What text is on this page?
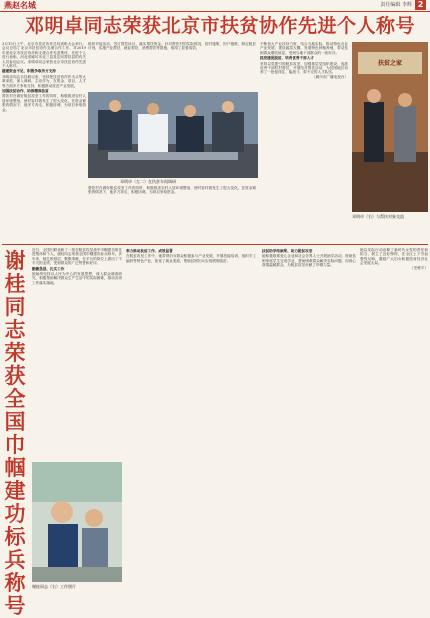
燕赵名城	责任编辑 李辉 2
邓明卓同志荣获北京市扶贫协作先进个人称号
3月15日上午，北京市扶贫协作总结表彰大会举行。会议总结了北京市扶贫协作支援合作工作，对2019年度北京市扶贫协作和支援合作先进集体、先进个人进行表彰。河北省廊坊市北三县及定向帮扶县的有关人员参加会议。邓明卓同志荣获北京市扶贫协作先进个人称号。
援建资金不足、积极争取各方支持
邓明卓同志自挂职以来，坚持把扶贫协作作为头等大事来抓，深入调研，主动作为，在资金、项目、人才等方面多方争取支持，积极推动扶贫产业发展。
加强扶贫协作、助推精准扶贫
帮扶村在做好脱贫攻坚工作的同时，积极推进农村人居环境整治，使村容村貌发生了很大变化。在资金紧张的情况下，他多方奔走，积极协调，为项目争取资金。
组织对接活动，签订帮扶协议，落实帮扶资金。针对帮扶村的实际情况，因村施策，因户施策，制定脱贫计划，实施产业帮扶、就业帮扶、消费帮扶等措施，取得了显著成效。
不断加大产业扶持力度，结合当地实际，推动特色农业产业发展，建设蔬菜大棚，发展特色种植养殖，带动贫困群众增收致富，受到当地干部群众的一致好评。
抓党建促脱贫、培育优秀干部人才
坚持以党建引领脱贫攻坚，加强基层党组织建设，选派优秀干部驻村帮扶，开展结对帮扶活动，为贫困地区培养了一批留得住、能战斗、带不走的人才队伍。
（廊坊市广播电视台）
邓明卓（左二）在扶贫车间调研
帮扶村在做好脱贫攻坚工作的同时，积极推进农村人居环境整治，使村容村貌发生了很大变化。在资金紧张的情况下，他多方奔走，积极协调，为项目争取资金。
扶贫之家
邓明卓（右）与帮扶对象交流
谢
桂
同
志
荣
获
全
国
巾
帼
建
功
标
兵
称
号
近日，全国妇联表彰了一批在脱贫攻坚战中巾帼建功的先进集体和个人。谢桂同志荣获全国巾帼建功标兵称号。多年来，她扎根基层，默默奉献，在平凡的岗位上做出了不平凡的业绩，受到群众的广泛赞誉和好评。
勤勤恳恳、扎实工作
她始终坚持以人民为中心的发展思想，深入群众调查研究，积极帮助解决群众生产生活中的实际困难，推动各项工作落实落地。
奉力推动扶贫工作、成效显著
在脱贫攻坚工作中，她带领妇女群众积极参与产业发展，开展技能培训，组织手工编织等特色产业，拓宽了就业渠道，帮助贫困妇女实现增收脱贫。
扶贫助学结硕果、助力脱贫攻坚
她积极联系爱心企业和社会各界人士开展助学活动，资助贫困家庭学生完成学业，帮助困难群众解决实际问题，用真心真情温暖群众，为脱贫攻坚贡献了巾帼力量。
她以实际行动诠释了新时代女性的责任和担当，树立了良好榜样，在全区上下引起强烈反响，激励广大妇女积极投身经济社会发展大局。
（史维平）
谢桂同志（右）工作照片
